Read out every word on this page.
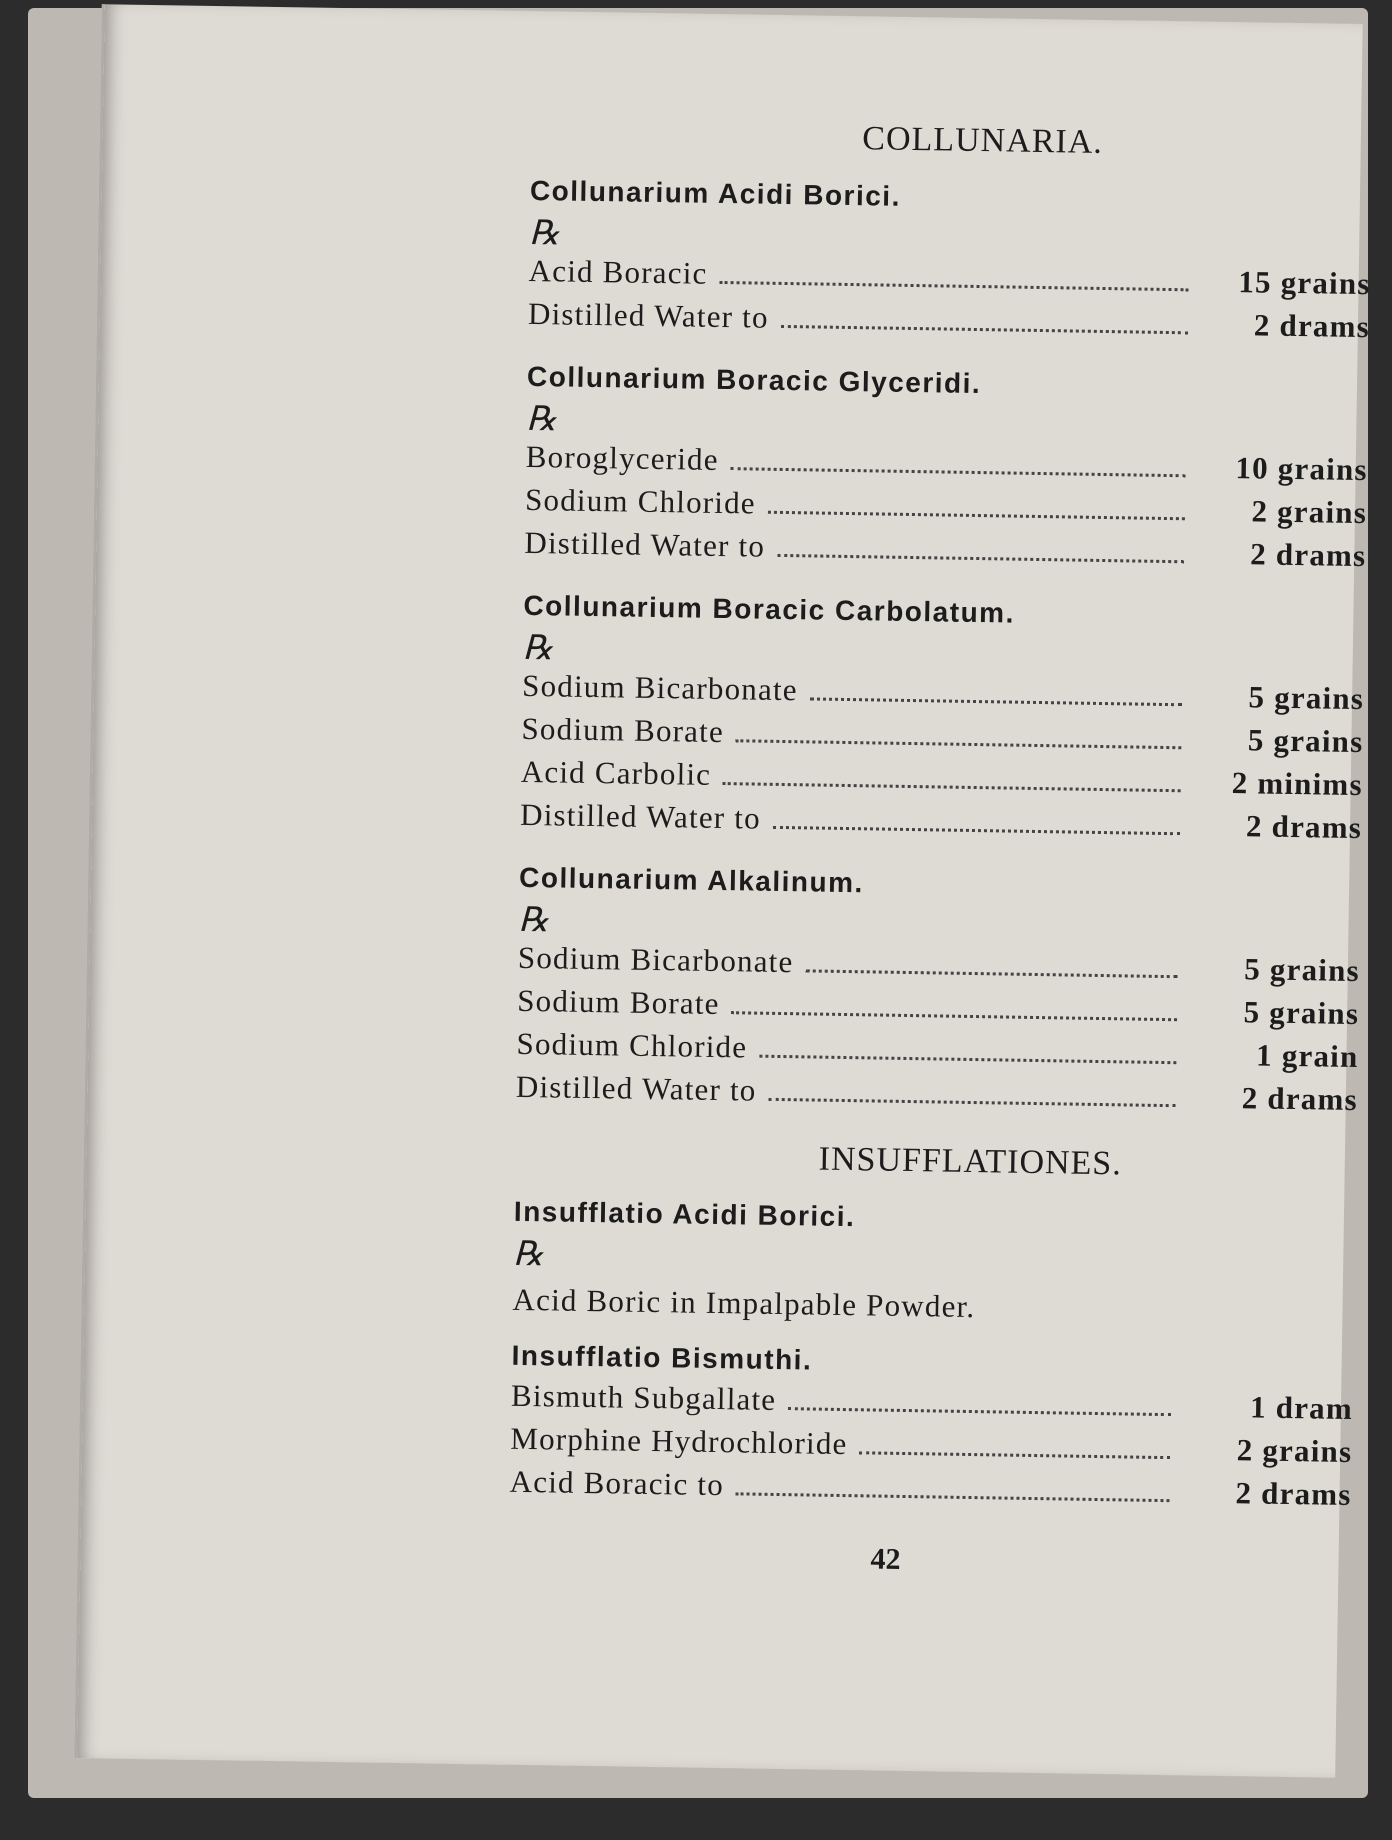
COLLUNARIA.
Collunarium Acidi Borici.
℞
Acid Boracic	15 grains
Distilled Water to	2 drams
Collunarium Boracic Glyceridi.
℞
Boroglyceride	10 grains
Sodium Chloride	2 grains
Distilled Water to	2 drams
Collunarium Boracic Carbolatum.
℞
Sodium Bicarbonate	5 grains
Sodium Borate	5 grains
Acid Carbolic	2 minims
Distilled Water to	2 drams
Collunarium Alkalinum.
℞
Sodium Bicarbonate	5 grains
Sodium Borate	5 grains
Sodium Chloride	1 grain
Distilled Water to	2 drams
INSUFFLATIONES.
Insufflatio Acidi Borici.
℞
Acid Boric in Impalpable Powder.
Insufflatio Bismuthi.
Bismuth Subgallate	1 dram
Morphine Hydrochloride	2 grains
Acid Boracic to	2 drams
42
